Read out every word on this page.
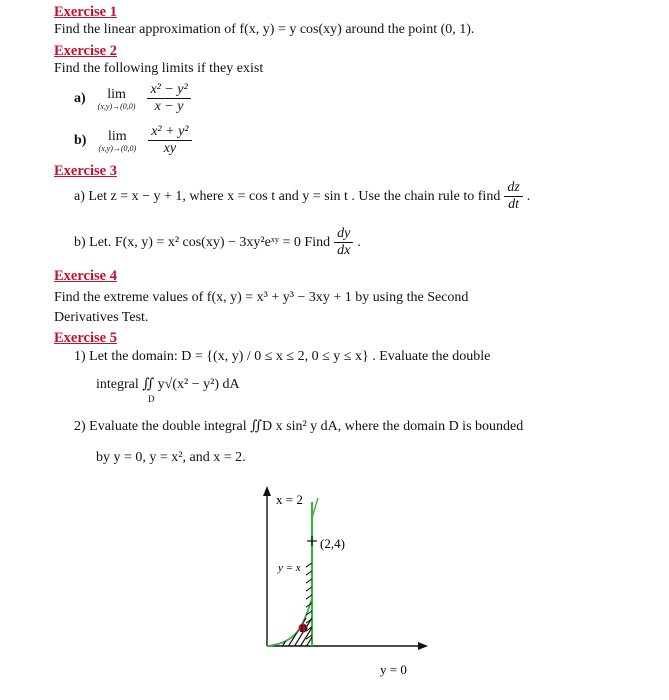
Exercise 1
Find the linear approximation of f(x, y) = y cos(xy) around the point (0, 1).
Exercise 2
Find the following limits if they exist
a) lim
$(x,y)\to(0,0) \frac{\text{x² − y²}}{x - y}$
b) lim
$(x,y)\to(0,0) \frac{\text{x² + y²}}{xy}$
Exercise 3
a) Let z = x − y + 1, where x = cos t and y = sin t . Use the chain rule to find $\frac{dz}{dt}$ .
b) Let. F(x, y) = x² cos(xy) − 3xy²eˣʸ = 0 Find $\frac{dy}{dx}$ .
Exercise 4
Find the extreme values of f(x, y) = x³ + y³ − 3xy + 1 by using the Second
Derivatives Test.
Exercise 5
1) Let the domain: D = {(x, y) / 0 ≤ x ≤ 2, 0 ≤ y ≤ x} . Evaluate the double
integral ∬ y√(x² − y²) dA
D
2) Evaluate the double integral ∬D x sin² y dA, where the domain D is bounded
by y = 0, y = x², and x = 2.
D
x = 2
(2,4)
y = x
y = 0
